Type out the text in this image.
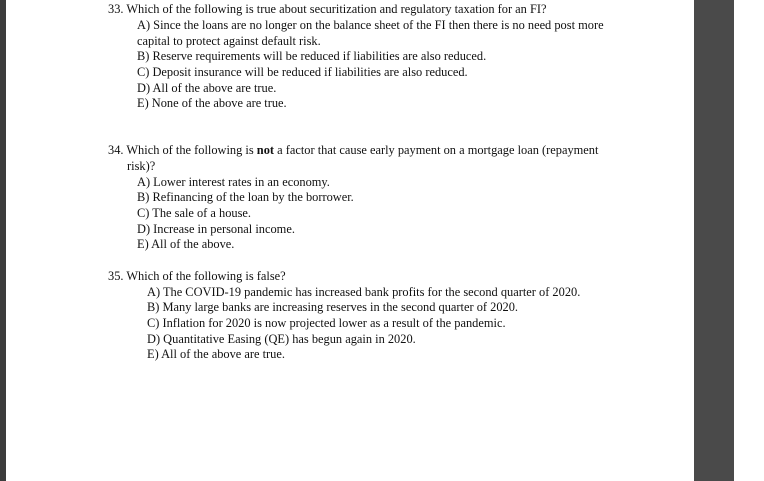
33. Which of the following is true about securitization and regulatory taxation for an FI?
A) Since the loans are no longer on the balance sheet of the FI then there is no need post more
capital to protect against default risk.
B) Reserve requirements will be reduced if liabilities are also reduced.
C) Deposit insurance will be reduced if liabilities are also reduced.
D) All of the above are true.
E) None of the above are true.
34. Which of the following is not a factor that cause early payment on a mortgage loan (repayment
risk)?
A) Lower interest rates in an economy.
B) Refinancing of the loan by the borrower.
C) The sale of a house.
D) Increase in personal income.
E) All of the above.
35. Which of the following is false?
A) The COVID-19 pandemic has increased bank profits for the second quarter of 2020.
B) Many large banks are increasing reserves in the second quarter of 2020.
C) Inflation for 2020 is now projected lower as a result of the pandemic.
D) Quantitative Easing (QE) has begun again in 2020.
E) All of the above are true.
